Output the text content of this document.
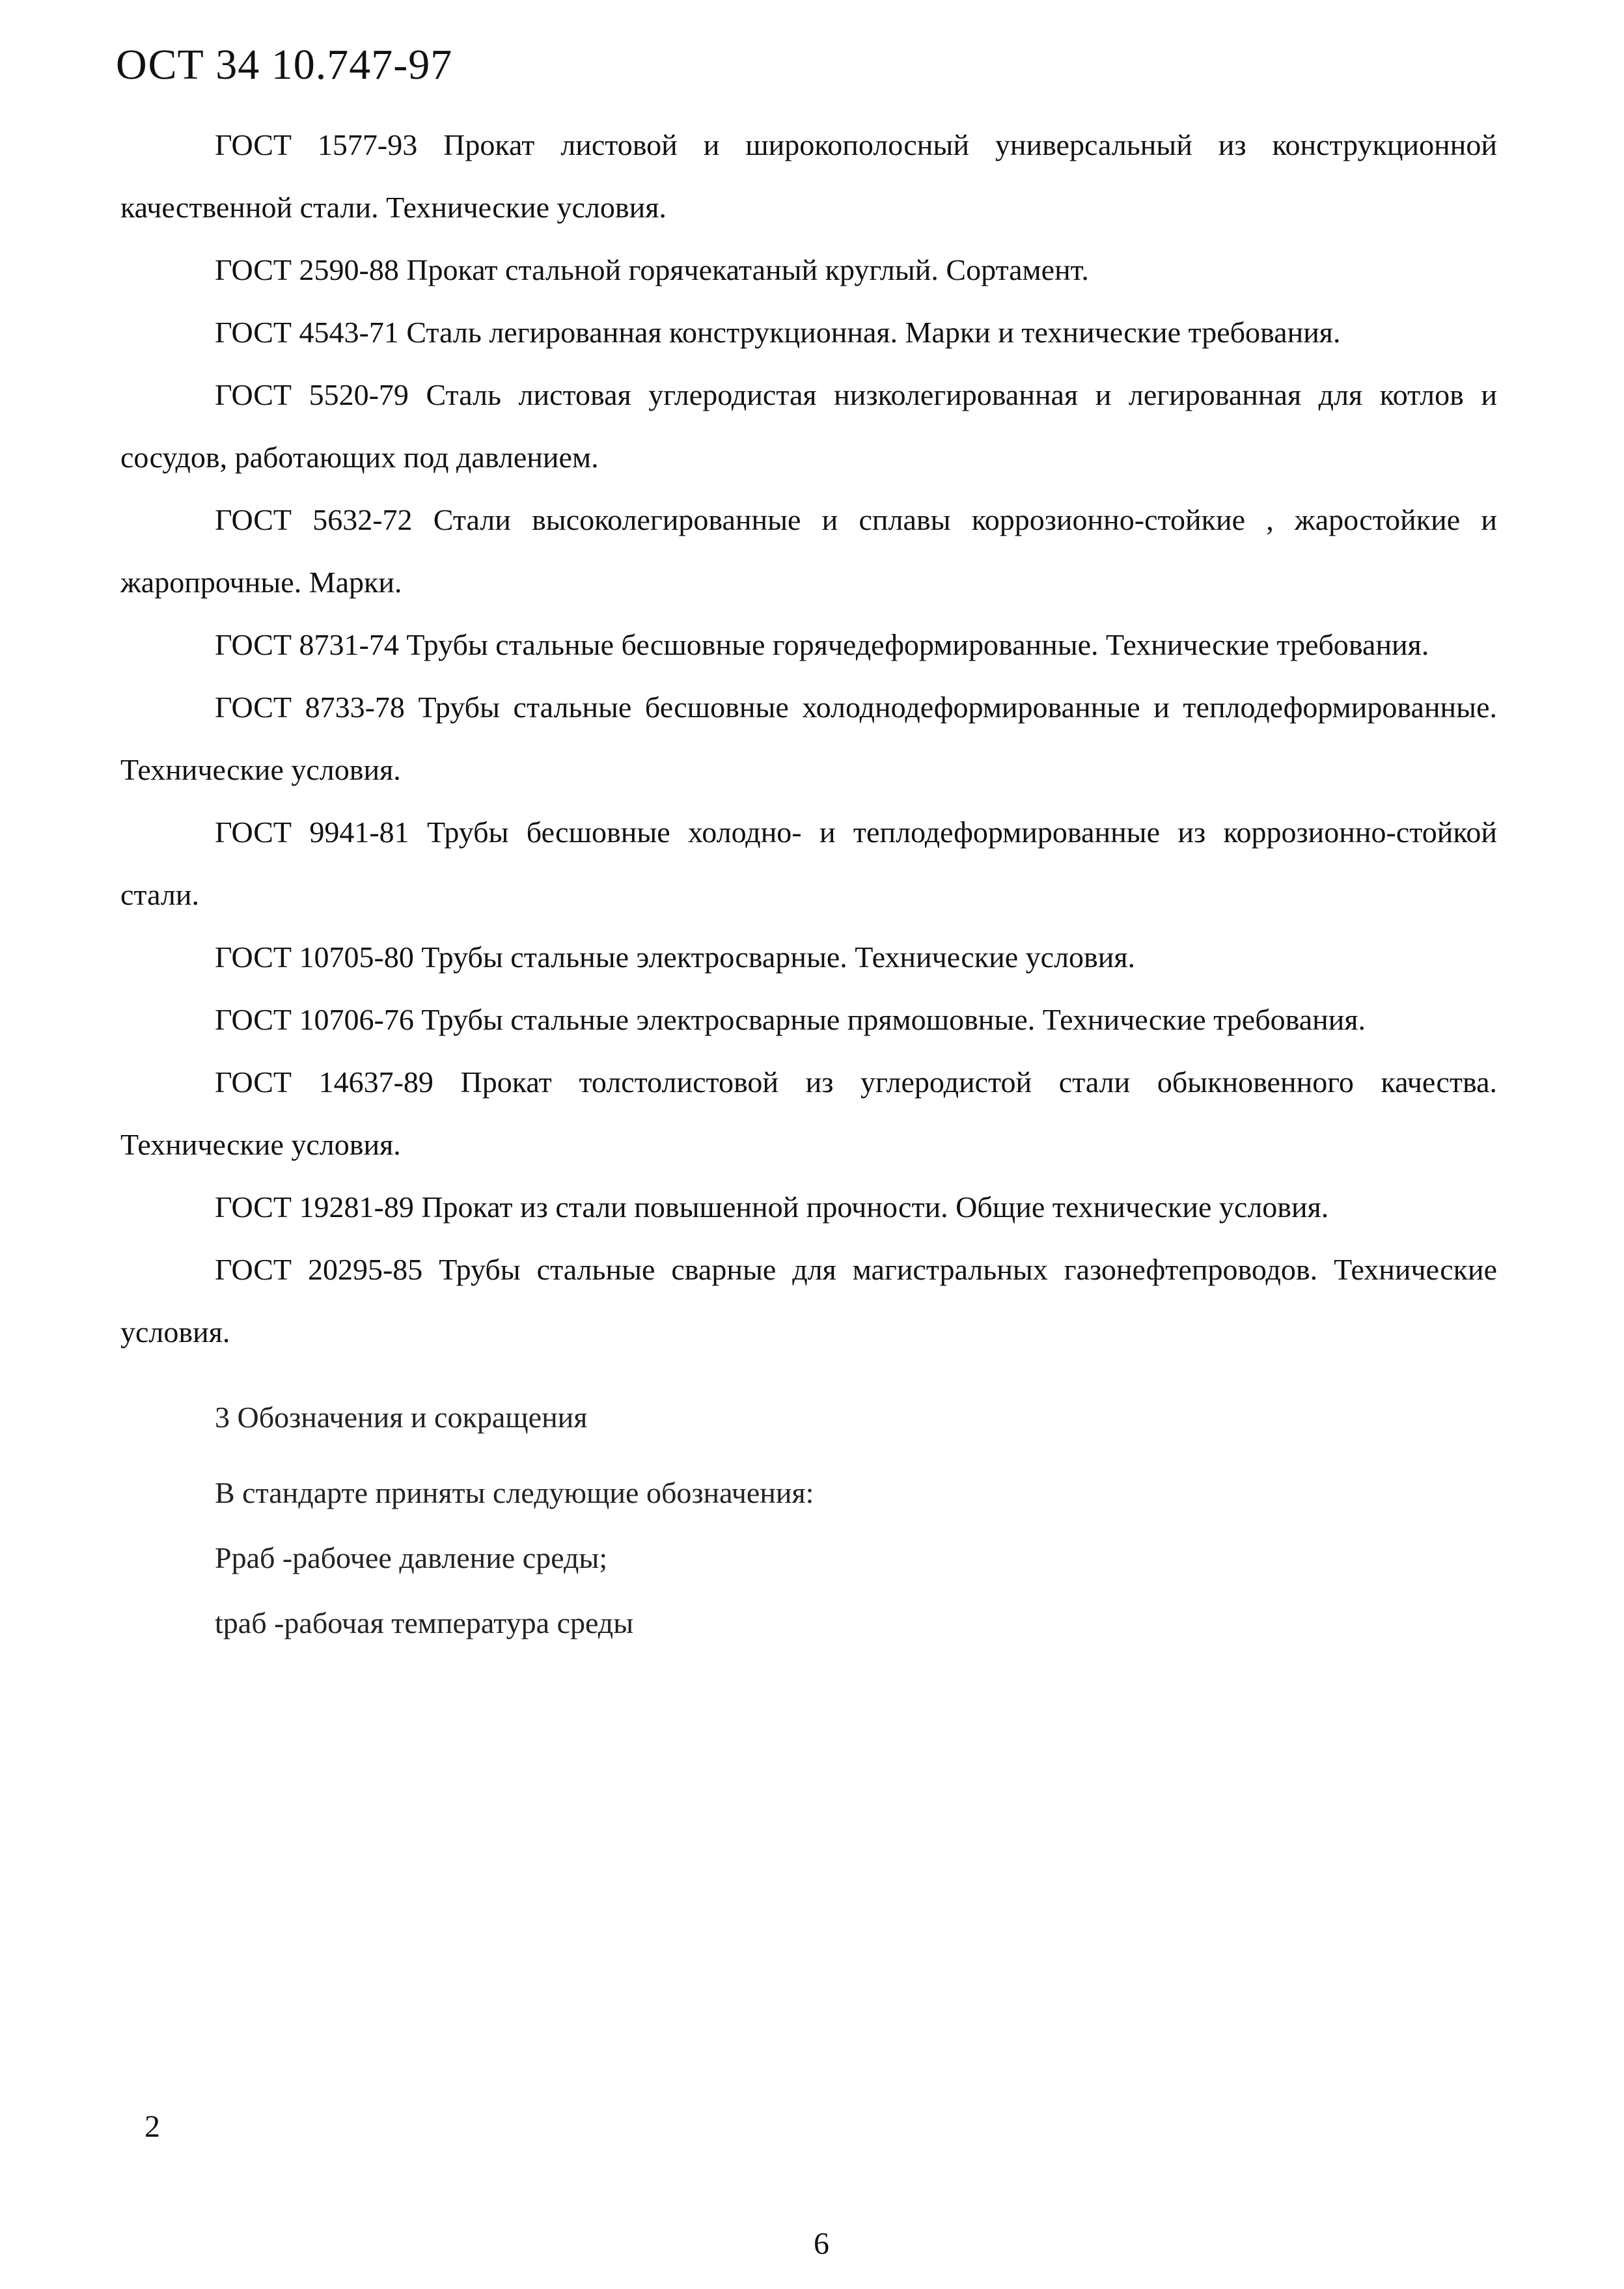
ОСТ 34 10.747-97

ГОСТ 1577-93 Прокат листовой и широкополосный универсальный из конструкционной качественной стали. Технические условия.

ГОСТ 2590-88 Прокат стальной горячекатаный круглый. Сортамент.

ГОСТ 4543-71 Сталь легированная конструкционная. Марки и технические требования.

ГОСТ 5520-79 Сталь листовая углеродистая низколегированная и легированная для котлов и сосудов, работающих под давлением.

ГОСТ 5632-72 Стали высоколегированные и сплавы коррозионно-стойкие , жаростойкие и жаропрочные. Марки.

ГОСТ 8731-74 Трубы стальные бесшовные горячедеформированные. Технические требования.

ГОСТ 8733-78 Трубы стальные бесшовные холоднодеформированные и теплодеформированные. Технические условия.

ГОСТ 9941-81 Трубы бесшовные холодно- и теплодеформированные из коррозионно-стойкой стали.

ГОСТ 10705-80 Трубы стальные электросварные. Технические условия.

ГОСТ 10706-76 Трубы стальные электросварные прямошовные. Технические требования.

ГОСТ 14637-89 Прокат толстолистовой из углеродистой стали обыкновенного качества. Технические условия.

ГОСТ 19281-89 Прокат из стали повышенной прочности. Общие технические условия.

ГОСТ 20295-85 Трубы стальные сварные для магистральных газонефтепроводов. Технические условия.

3 Обозначения и сокращения

В стандарте приняты следующие обозначения:

Pраб -рабочее давление среды;

tраб -рабочая температура среды

2
6
